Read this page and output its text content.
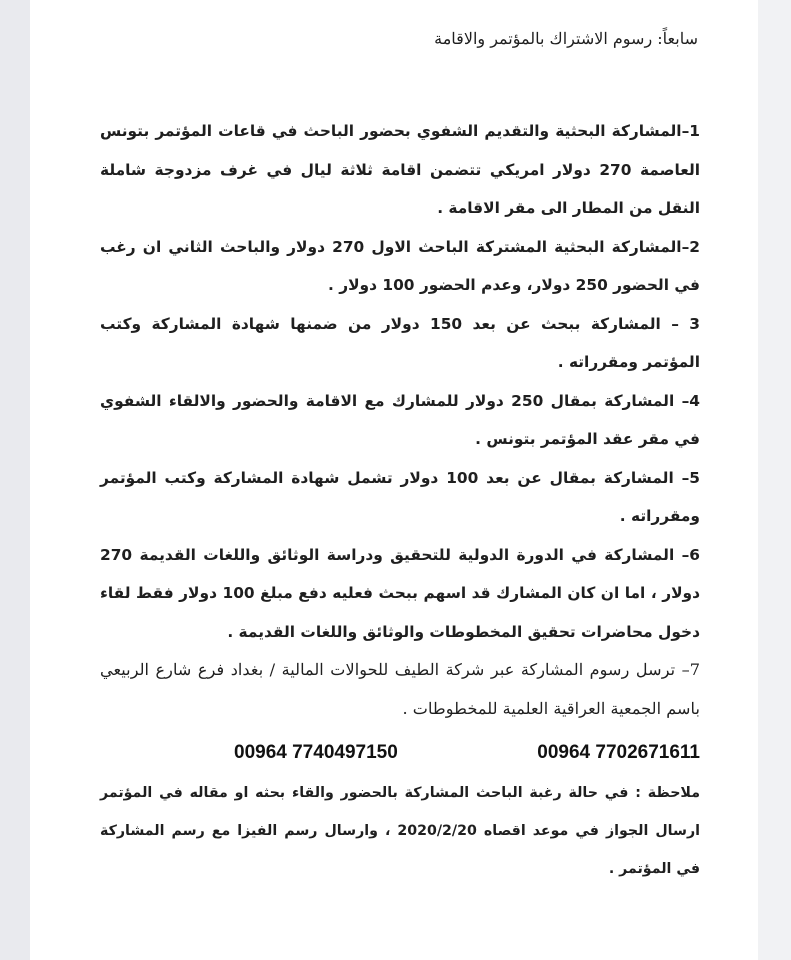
سابعاً: رسوم الاشتراك بالمؤتمر والاقامة

1–المشاركة البحثية والتقديم الشفوي بحضور الباحث في قاعات المؤتمر بتونس العاصمة 270 دولار امريكي تتضمن اقامة ثلاثة ليال في غرف مزدوجة شاملة النقل من المطار الى مقر الاقامة .

2–المشاركة البحثية المشتركة الباحث الاول 270 دولار والباحث الثاني ان رغب في الحضور 250 دولار، وعدم الحضور 100 دولار .

3 – المشاركة ببحث عن بعد 150 دولار من ضمنها شهادة المشاركة وكتب المؤتمر ومقرراته .

4– المشاركة بمقال 250 دولار للمشارك مع الاقامة والحضور والالقاء الشفوي في مقر عقد المؤتمر بتونس .

5– المشاركة بمقال عن بعد 100 دولار تشمل شهادة المشاركة وكتب المؤتمر ومقرراته .

6– المشاركة في الدورة الدولية للتحقيق ودراسة الوثائق واللغات القديمة 270 دولار ، اما ان كان المشارك قد اسهم ببحث فعليه دفع مبلغ 100 دولار فقط لقاء دخول محاضرات تحقيق المخطوطات والوثائق واللغات القديمة .

7– ترسل رسوم المشاركة عبر شركة الطيف للحوالات المالية / بغداد فرع شارع الربيعي باسم الجمعية العراقية العلمية للمخطوطات .

00964 7740497150	00964 7702671611

ملاحظة : في حالة رغبة الباحث المشاركة بالحضور والقاء بحثه او مقاله في المؤتمر ارسال الجواز في موعد اقصاه 2020/2/20 ، وارسال رسم الفيزا مع رسم المشاركة في المؤتمر .
